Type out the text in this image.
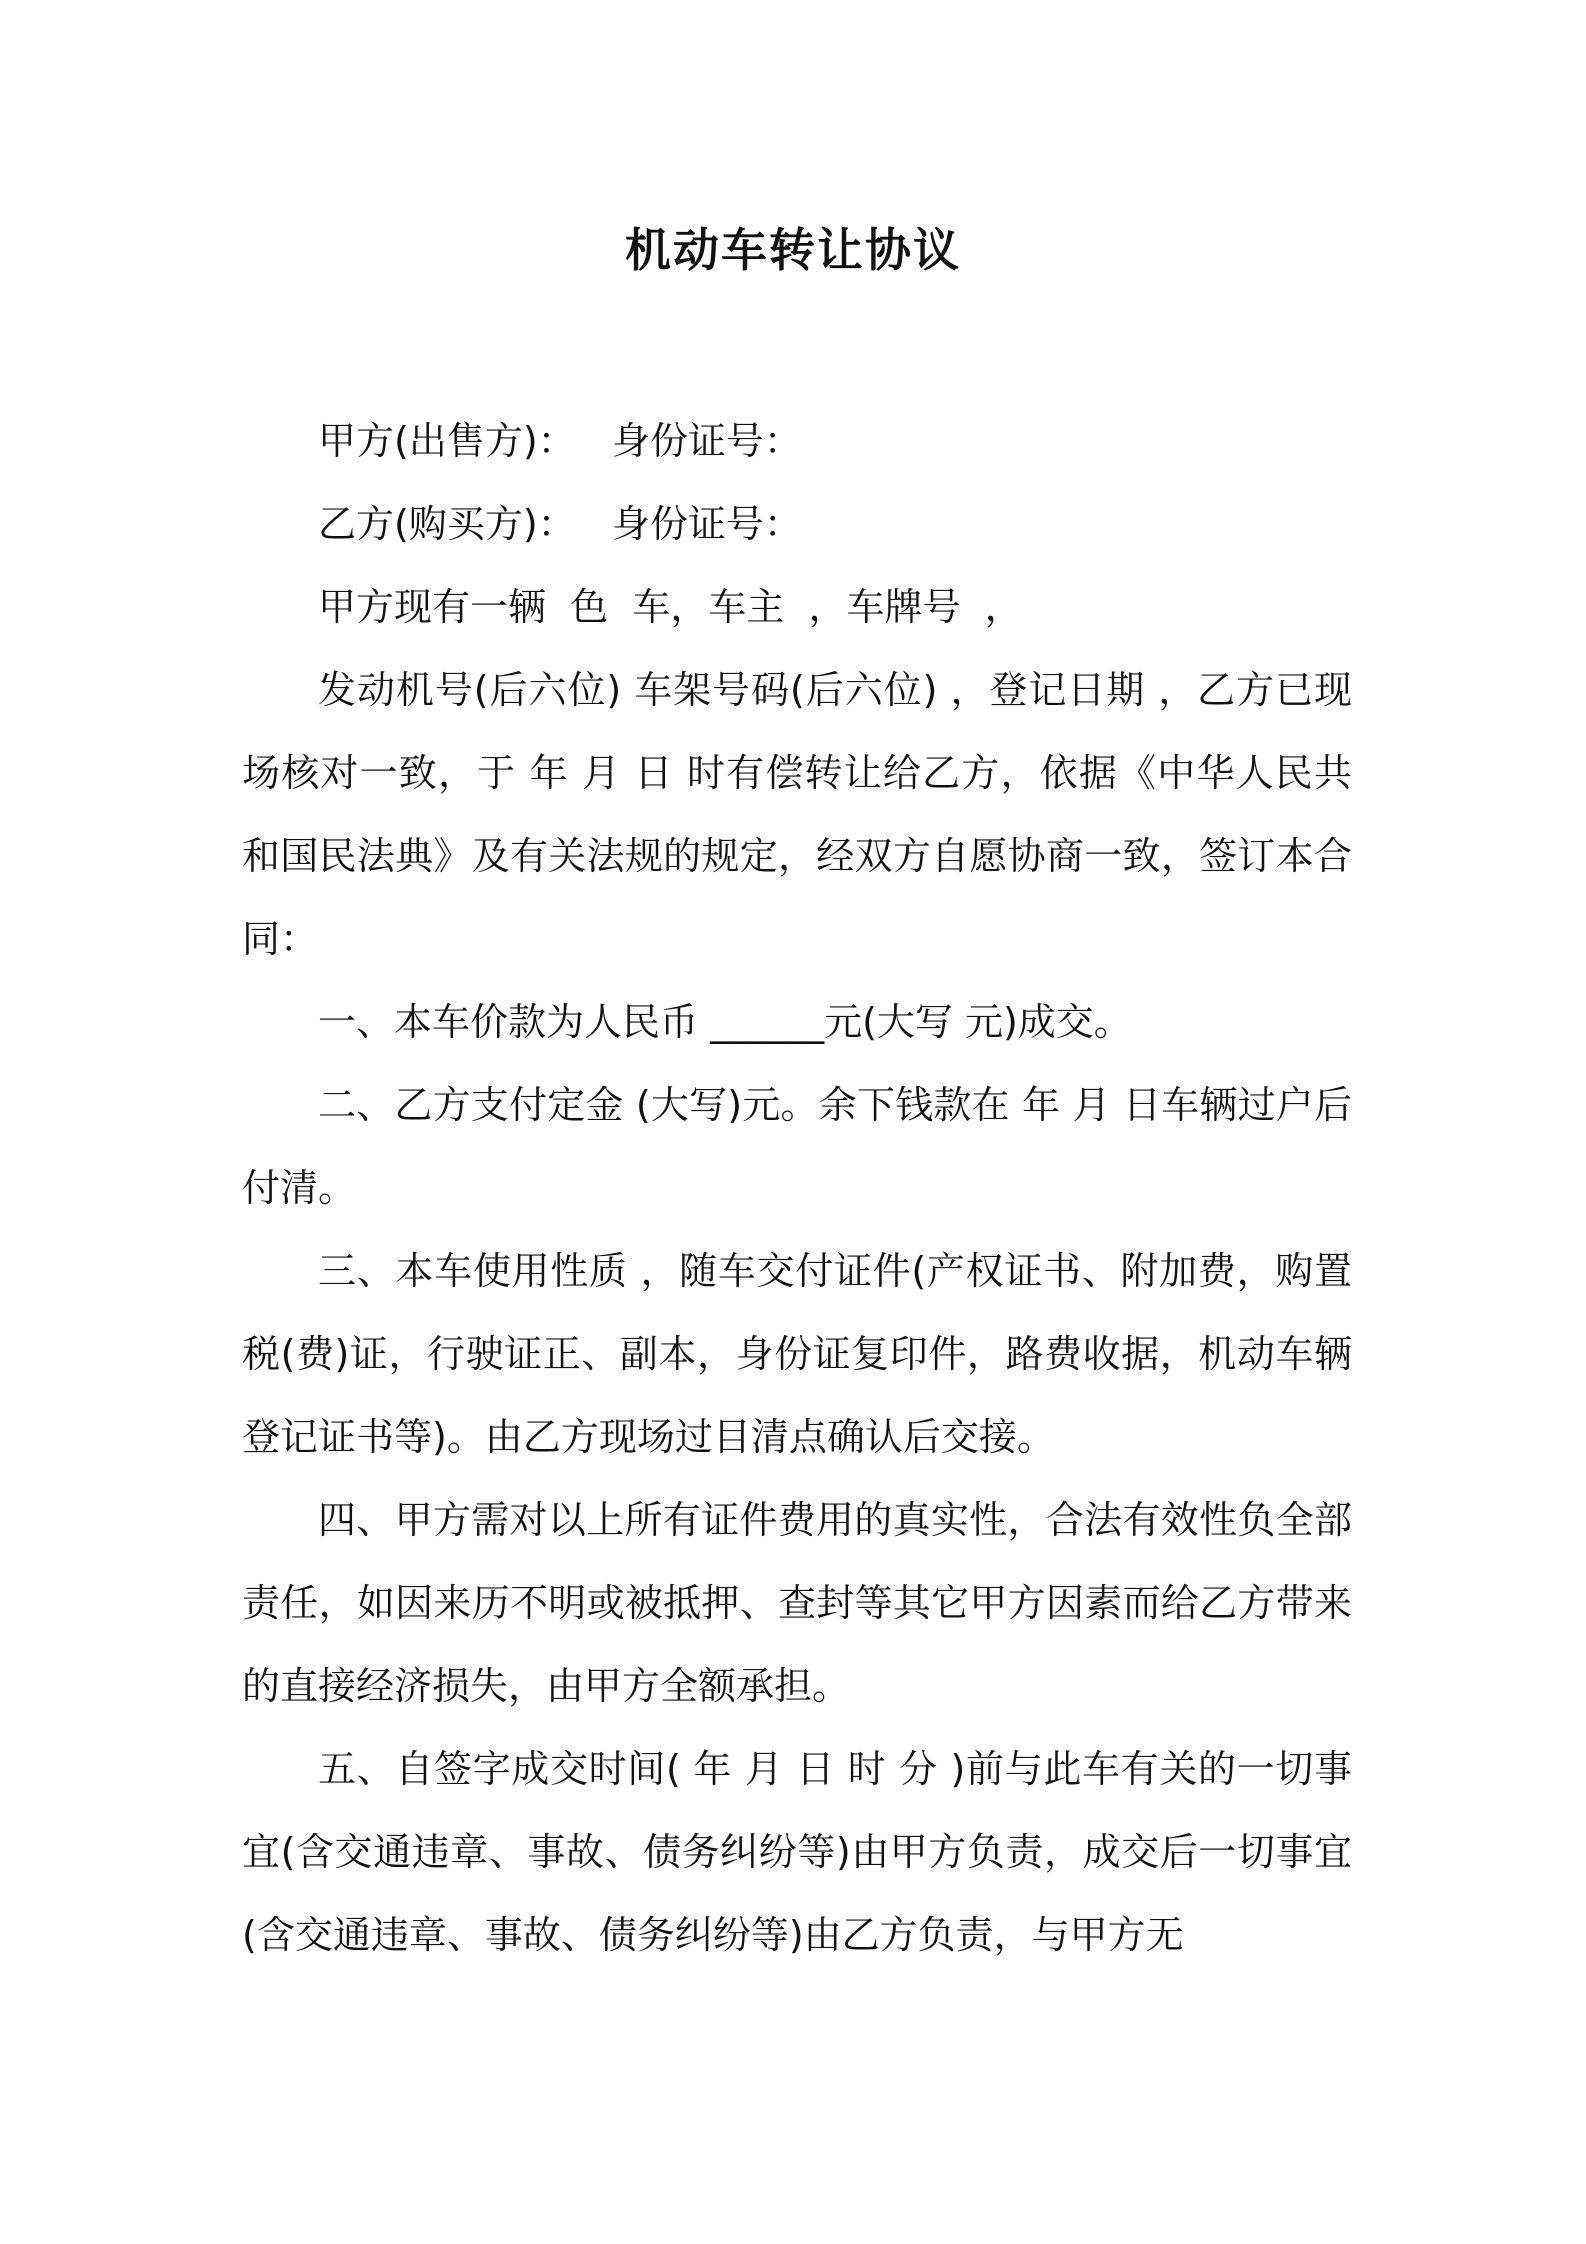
机动车转让协议

甲方(出售方)：   身份证号：

乙方(购买方)：   身份证号：

甲方现有一辆  色  车，车主  ，车牌号  ，

发动机号(后六位) 车架号码(后六位) ，登记日期 ，乙方已现场核对一致，于 年 月 日 时有偿转让给乙方，依据《中华人民共和国民法典》及有关法规的规定，经双方自愿协商一致，签订本合同：

一、本车价款为人民币 ______元(大写 元)成交。

二、乙方支付定金 (大写)元。余下钱款在 年 月 日车辆过户后付清。

三、本车使用性质 ，随车交付证件(产权证书、附加费，购置税(费)证，行驶证正、副本，身份证复印件，路费收据，机动车辆登记证书等)。由乙方现场过目清点确认后交接。

四、甲方需对以上所有证件费用的真实性，合法有效性负全部责任，如因来历不明或被抵押、查封等其它甲方因素而给乙方带来的直接经济损失，由甲方全额承担。

五、自签字成交时间( 年 月 日 时 分 )前与此车有关的一切事宜(含交通违章、事故、债务纠纷等)由甲方负责，成交后一切事宜(含交通违章、事故、债务纠纷等)由乙方负责，与甲方无
